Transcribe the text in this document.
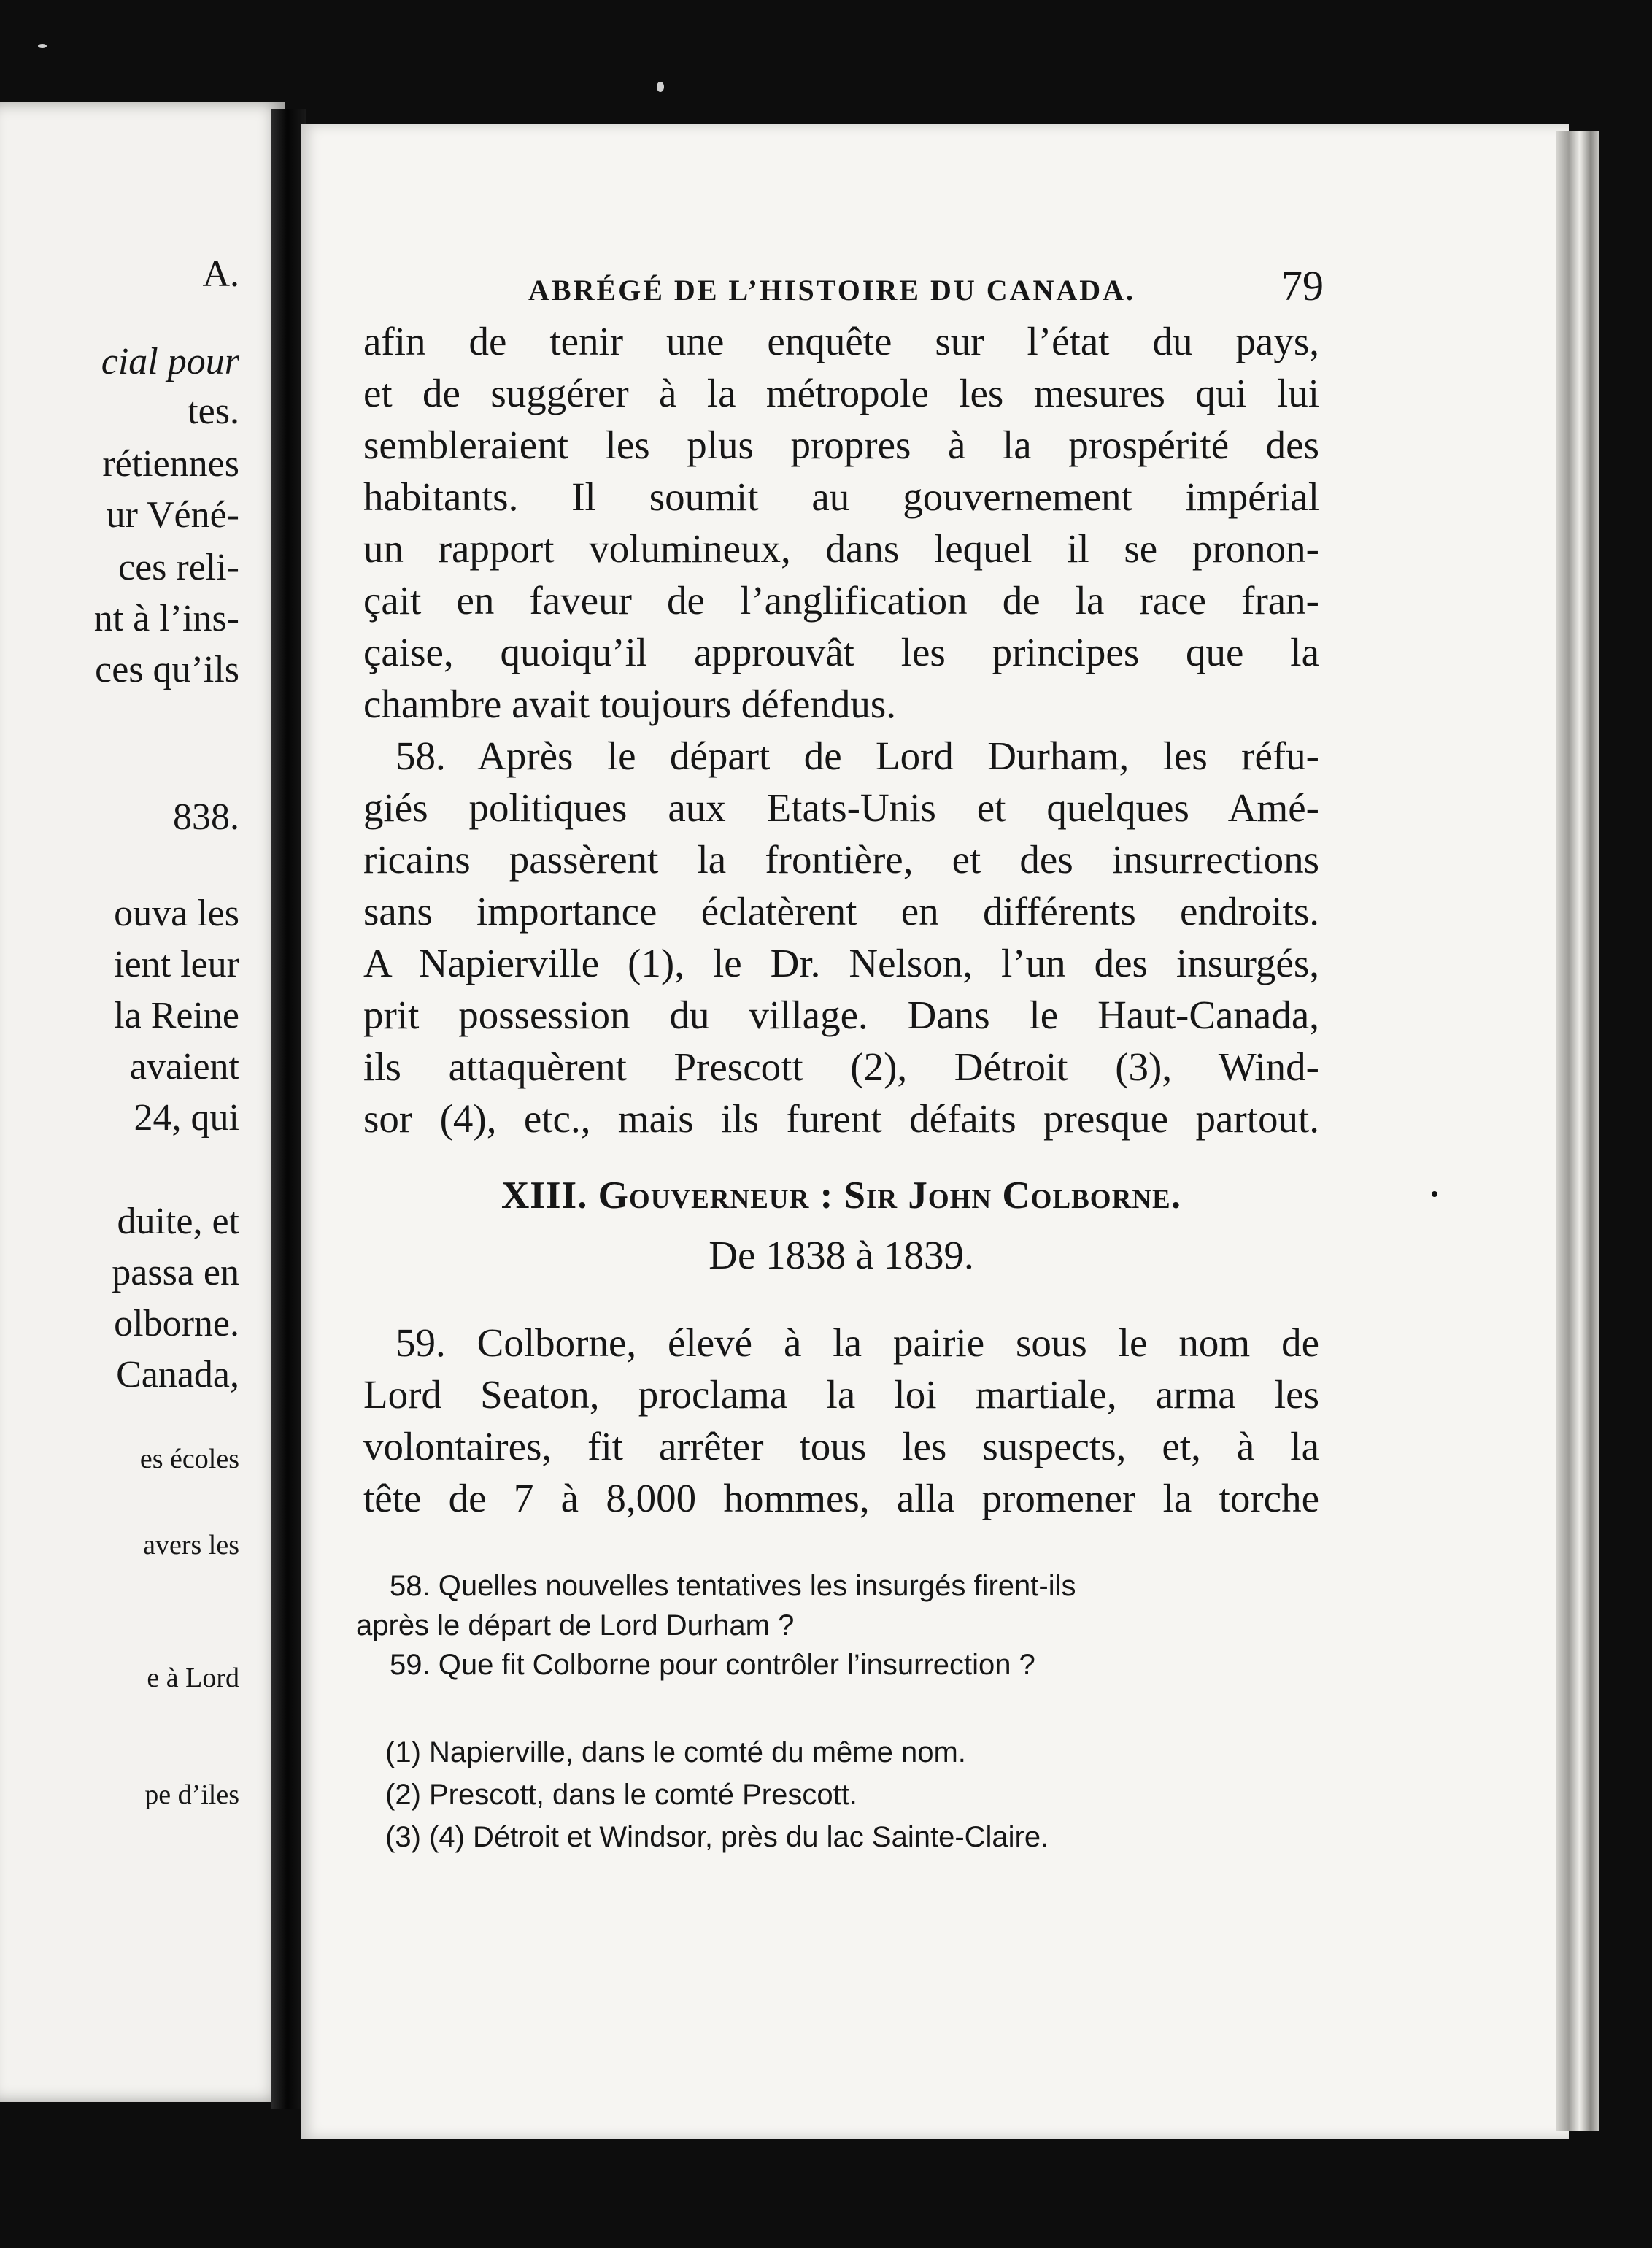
A.
cial pour
tes.
rétiennes
ur Véné-
ces reli-
nt à l’ins-
ces qu’ils
838.
ouva les
ient leur
la Reine
avaient
24, qui
duite, et
passa en
olborne.
Canada,
es écoles
avers les
e à Lord
pe d’iles
ABRÉGÉ DE L’HISTOIRE DU CANADA.	79
afin de tenir une enquête sur l’état du pays,
et de suggérer à la métropole les mesures qui lui
sembleraient les plus propres à la prospérité des
habitants. Il soumit au gouvernement impérial
un rapport volumineux, dans lequel il se pronon-
çait en faveur de l’anglification de la race fran-
çaise, quoiqu’il approuvât les principes que la
chambre avait toujours défendus.
58. Après le départ de Lord Durham, les réfu-
giés politiques aux Etats-Unis et quelques Amé-
ricains passèrent la frontière, et des insurrections
sans importance éclatèrent en différents endroits.
A Napierville (1), le Dr. Nelson, l’un des insurgés,
prit possession du village. Dans le Haut-Canada,
ils attaquèrent Prescott (2), Détroit (3), Wind-
sor (4), etc., mais ils furent défaits presque partout.
XIII. Gouverneur : Sir John Colborne.
De 1838 à 1839.
59. Colborne, élevé à la pairie sous le nom de
Lord Seaton, proclama la loi martiale, arma les
volontaires, fit arrêter tous les suspects, et, à la
tête de 7 à 8,000 hommes, alla promener la torche
58. Quelles nouvelles tentatives les insurgés firent-ils
après le départ de Lord Durham ?
59. Que fit Colborne pour contrôler l’insurrection ?
(1) Napierville, dans le comté du même nom.
(2) Prescott, dans le comté Prescott.
(3) (4) Détroit et Windsor, près du lac Sainte-Claire.
